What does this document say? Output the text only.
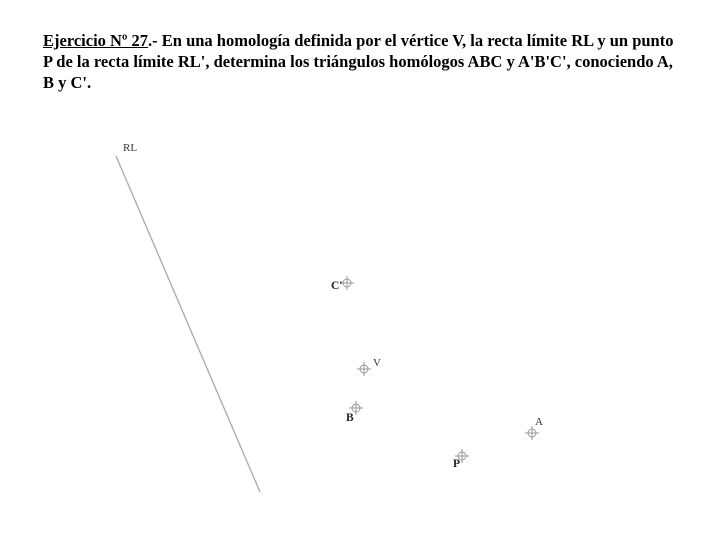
Ejercicio Nº 27.- En una homología definida por el vértice V, la recta límite RL y un punto P de la recta límite RL', determina los triángulos homólogos ABC y A'B'C', conociendo A, B y C'.

RL
C'
V
B	A
P
